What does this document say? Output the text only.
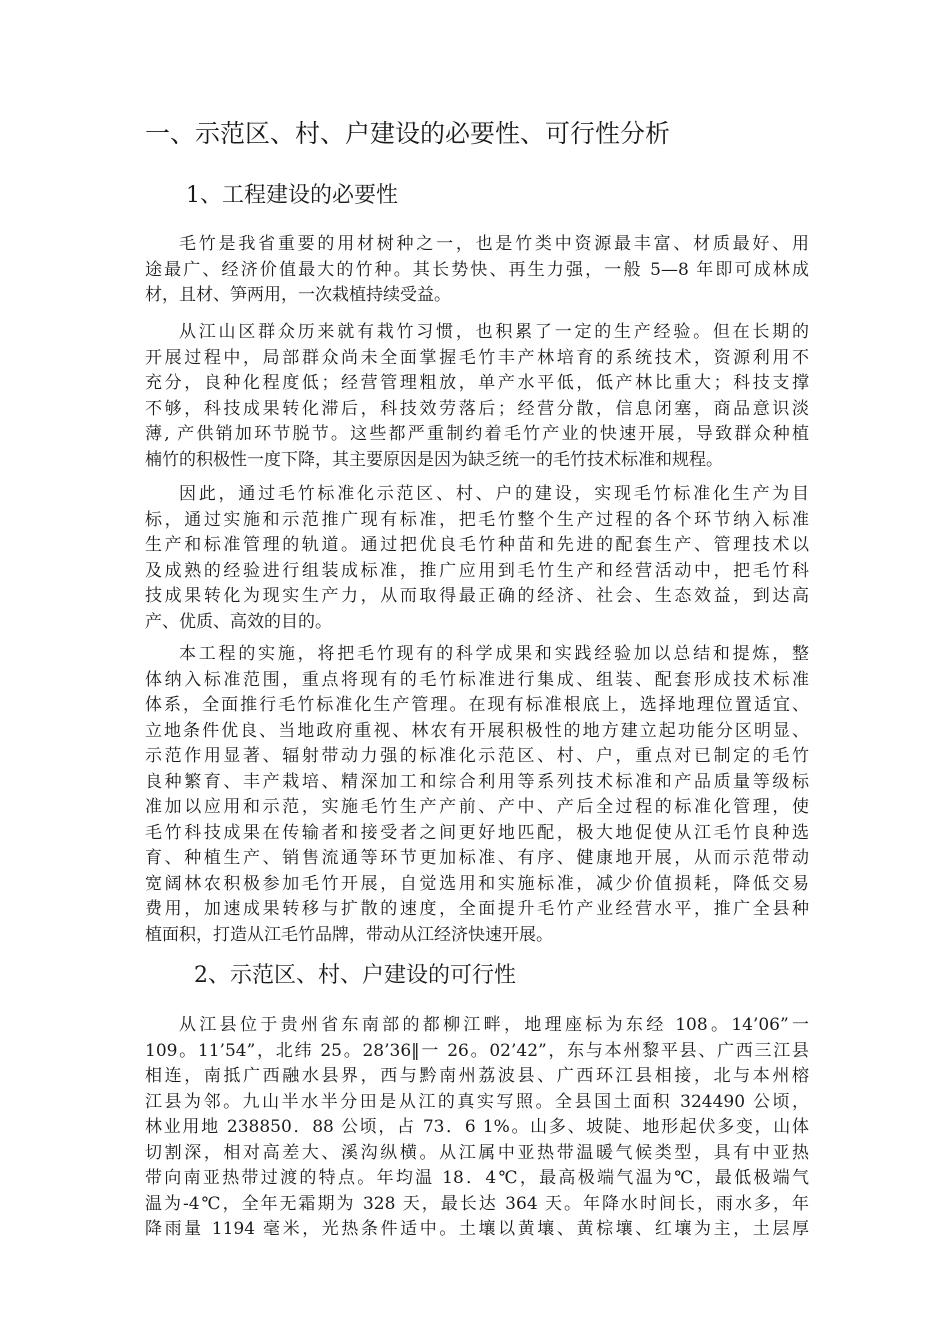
一、示范区、村、户建设的必要性、可行性分析
1、工程建设的必要性
毛竹是我省重要的用材树种之一，也是竹类中资源最丰富、材质最好、用
途最广、经济价值最大的竹种。其长势快、再生力强，一般 5—8 年即可成林成
材，且材、笋两用，一次栽植持续受益。
从江山区群众历来就有栽竹习惯，也积累了一定的生产经验。但在长期的
开展过程中，局部群众尚未全面掌握毛竹丰产林培育的系统技术，资源利用不
充分，良种化程度低；经营管理粗放，单产水平低，低产林比重大；科技支撑
不够，科技成果转化滞后，科技效劳落后；经营分散，信息闭塞，商品意识淡
薄, 产供销加环节脱节。这些都严重制约着毛竹产业的快速开展，导致群众种植
楠竹的积极性一度下降，其主要原因是因为缺乏统一的毛竹技术标准和规程。
因此，通过毛竹标准化示范区、村、户的建设，实现毛竹标准化生产为目
标，通过实施和示范推广现有标准，把毛竹整个生产过程的各个环节纳入标准
生产和标准管理的轨道。通过把优良毛竹种苗和先进的配套生产、管理技术以
及成熟的经验进行组装成标准，推广应用到毛竹生产和经营活动中，把毛竹科
技成果转化为现实生产力，从而取得最正确的经济、社会、生态效益，到达高
产、优质、高效的目的。
本工程的实施，将把毛竹现有的科学成果和实践经验加以总结和提炼，整
体纳入标准范围，重点将现有的毛竹标准进行集成、组装、配套形成技术标准
体系，全面推行毛竹标准化生产管理。在现有标准根底上，选择地理位置适宜、
立地条件优良、当地政府重视、林农有开展积极性的地方建立起功能分区明显、
示范作用显著、辐射带动力强的标准化示范区、村、户，重点对已制定的毛竹
良种繁育、丰产栽培、精深加工和综合利用等系列技术标准和产品质量等级标
准加以应用和示范，实施毛竹生产产前、产中、产后全过程的标准化管理，使
毛竹科技成果在传输者和接受者之间更好地匹配，极大地促使从江毛竹良种选
育、种植生产、销售流通等环节更加标准、有序、健康地开展，从而示范带动
宽阔林农积极参加毛竹开展，自觉选用和实施标准，减少价值损耗，降低交易
费用，加速成果转移与扩散的速度，全面提升毛竹产业经营水平，推广全县种
植面积，打造从江毛竹品牌，带动从江经济快速开展。
2、示范区、村、户建设的可行性
从江县位于贵州省东南部的都柳江畔，地理座标为东经 108。14’06”一
109。11’54”，北纬 25。28’36‖一 26。02’42”，东与本州黎平县、广西三江县
相连，南抵广西融水县界，西与黔南州荔波县、广西环江县相接，北与本州榕
江县为邻。九山半水半分田是从江的真实写照。全县国土面积 324490 公顷，
林业用地 238850．88 公顷，占 73．6 1%。山多、坡陡、地形起伏多变，山体
切割深，相对高差大、溪沟纵横。从江属中亚热带温暖气候类型，具有中亚热
带向南亚热带过渡的特点。年均温 18．4℃，最高极端气温为℃，最低极端气
温为-4℃，全年无霜期为 328 天，最长达 364 天。年降水时间长，雨水多，年
降雨量 1194 毫米，光热条件适中。土壤以黄壤、黄棕壤、红壤为主，土层厚
